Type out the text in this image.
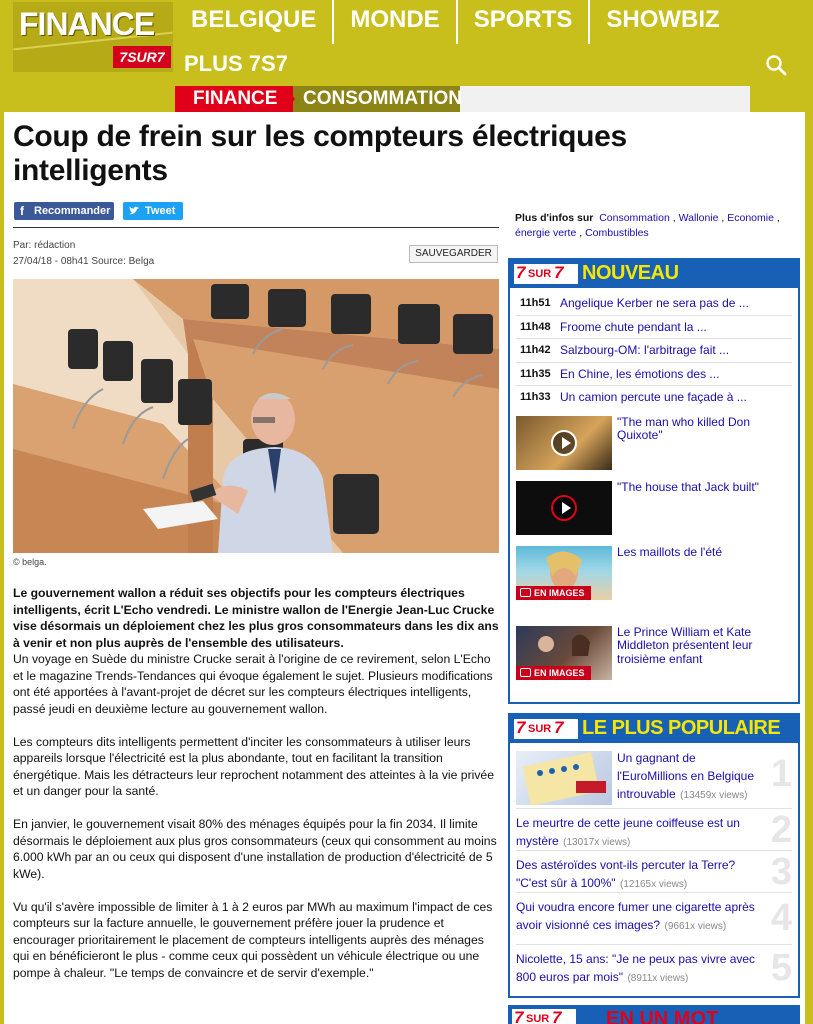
FINANCE
7SUR7
BELGIQUE	MONDE	SPORTS	SHOWBIZ
PLUS 7S7
CONSOMMATION
FINANCE
Coup de frein sur les compteurs électriques intelligents
f Recommander	Tweet
Par: rédaction
27/04/18 - 08h41 Source: Belga
SAUVEGARDER
© belga.

Le gouvernement wallon a réduit ses objectifs pour les compteurs électriques intelligents, écrit L'Echo vendredi. Le ministre wallon de l'Energie Jean-Luc Crucke vise désormais un déploiement chez les plus gros consommateurs dans les dix ans à venir et non plus auprès de l'ensemble des utilisateurs.

Un voyage en Suède du ministre Crucke serait à l'origine de ce revirement, selon L'Echo et le magazine Trends-Tendances qui évoque également le sujet. Plusieurs modifications ont été apportées à l'avant-projet de décret sur les compteurs électriques intelligents, passé jeudi en deuxième lecture au gouvernement wallon.

Les compteurs dits intelligents permettent d'inciter les consommateurs à utiliser leurs appareils lorsque l'électricité est la plus abondante, tout en facilitant la transition énergétique. Mais les détracteurs leur reprochent notamment des atteintes à la vie privée et un danger pour la santé.

En janvier, le gouvernement visait 80% des ménages équipés pour la fin 2034. Il limite désormais le déploiement aux plus gros consommateurs (ceux qui consomment au moins 6.000 kWh par an ou ceux qui disposent d'une installation de production d'électricité de 5 kWe).

Vu qu'il s'avère impossible de limiter à 1 à 2 euros par MWh au maximum l'impact de ces compteurs sur la facture annuelle, le gouvernement préfère jouer la prudence et encourager prioritairement le placement de compteurs intelligents auprès des ménages qui en bénéficieront le plus - comme ceux qui possèdent un véhicule électrique ou une pompe à chaleur. "Le temps de convaincre et de servir d'exemple."

Plus d'infos sur Consommation , Wallonie , Economie , énergie verte , Combustibles
7 SUR 7 NOUVEAU
11h51 Angelique Kerber ne sera pas de ...
11h48 Froome chute pendant la ...
11h42 Salzbourg-OM: l'arbitrage fait ...
11h35 En Chine, les émotions des ...
11h33 Un camion percute une façade à ...
"The man who killed Don Quixote"
"The house that Jack built"
EN IMAGES
Les maillots de l'été
EN IMAGES
Le Prince William et Kate Middleton présentent leur troisième enfant
7 SUR 7 LE PLUS POPULAIRE
Un gagnant de l'EuroMillions en Belgique introuvable (13459x views)
1
Le meurtre de cette jeune coiffeuse est un mystère (13017x views)	2
Des astéroïdes vont-ils percuter la Terre? "C'est sûr à 100%" (12165x views)	3
Qui voudra encore fumer une cigarette après avoir visionné ces images? (9661x views)	4
Nicolette, 15 ans: "Je ne peux pas vivre avec 800 euros par mois" (8911x views)	5
7 SUR 7 EN UN MOT
